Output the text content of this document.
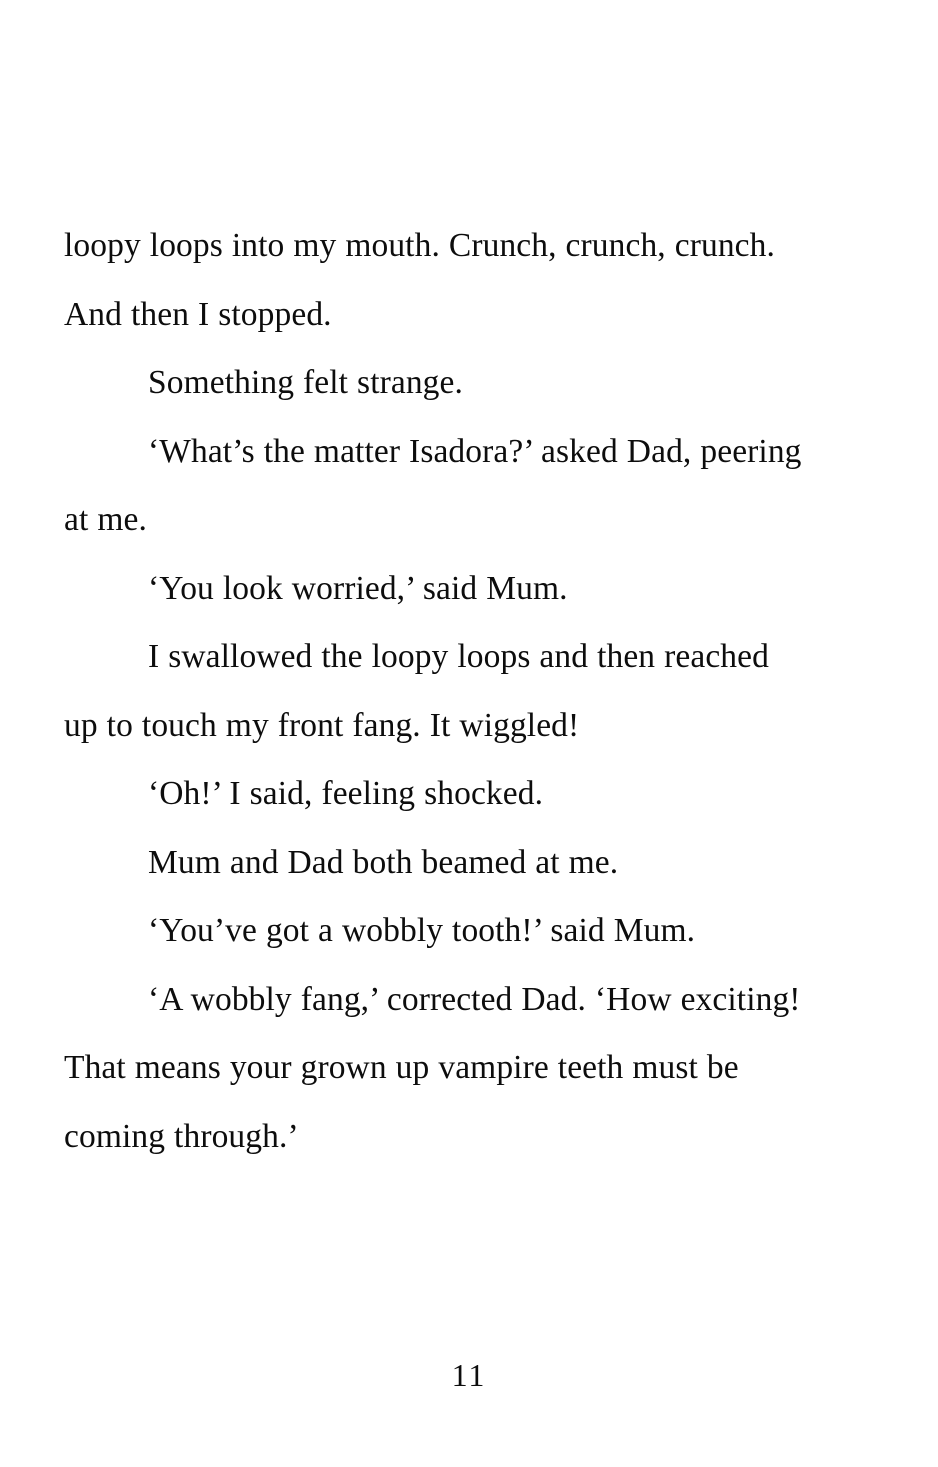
loopy loops into my mouth. Crunch, crunch, crunch. And then I stopped.

Something felt strange.

‘What’s the matter Isadora?’ asked Dad, peering at me.

‘You look worried,’ said Mum.

I swallowed the loopy loops and then reached up to touch my front fang. It wiggled!

‘Oh!’ I said, feeling shocked.

Mum and Dad both beamed at me.

‘You’ve got a wobbly tooth!’ said Mum.

‘A wobbly fang,’ corrected Dad. ‘How exciting! That means your grown up vampire teeth must be coming through.’

11
